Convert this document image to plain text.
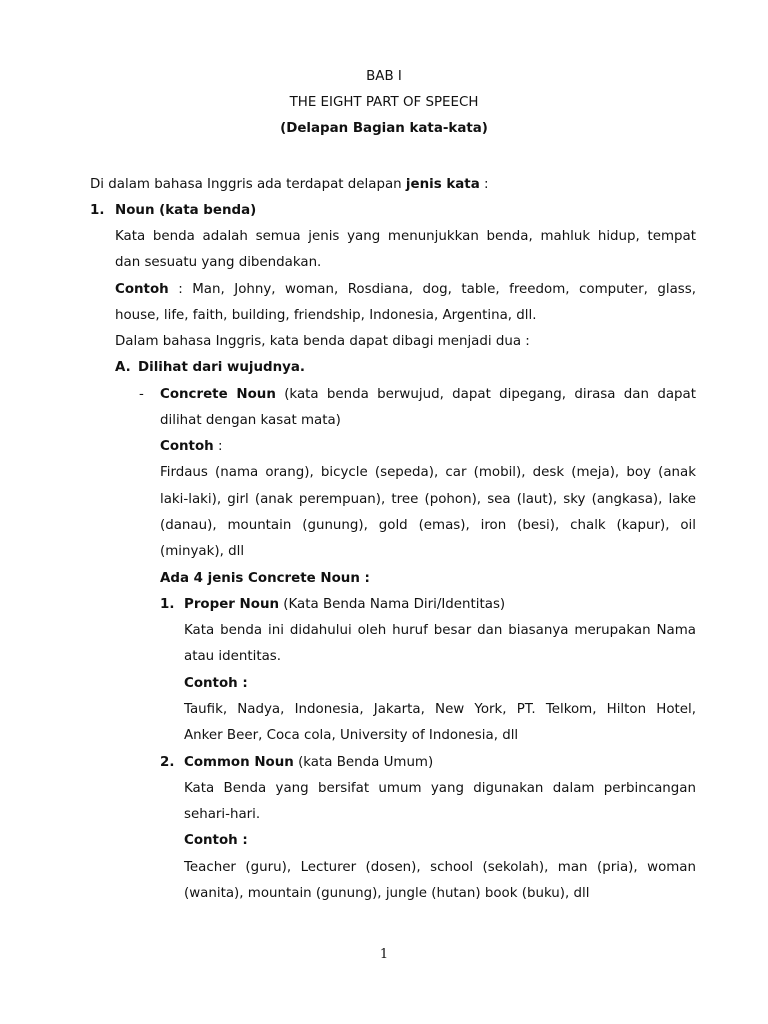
BAB I
THE EIGHT PART OF SPEECH
(Delapan Bagian kata-kata)
Di dalam bahasa Inggris ada terdapat delapan jenis kata :
1. Noun (kata benda)
Kata benda adalah semua jenis yang menunjukkan benda, mahluk hidup, tempat
dan sesuatu yang dibendakan.
Contoh : Man, Johny, woman, Rosdiana, dog, table, freedom, computer, glass,
house, life, faith, building, friendship, Indonesia, Argentina, dll.
Dalam bahasa Inggris, kata benda dapat dibagi menjadi dua :
A. Dilihat dari wujudnya.
- Concrete Noun (kata benda berwujud, dapat dipegang, dirasa dan dapat
dilihat dengan kasat mata)
Contoh :
Firdaus (nama orang), bicycle (sepeda), car (mobil), desk (meja), boy (anak
laki-laki), girl (anak perempuan), tree (pohon), sea (laut), sky (angkasa), lake
(danau), mountain (gunung), gold (emas), iron (besi), chalk (kapur), oil
(minyak), dll
Ada 4 jenis Concrete Noun :
1. Proper Noun (Kata Benda Nama Diri/Identitas)
Kata benda ini didahului oleh huruf besar dan biasanya merupakan Nama
atau identitas.
Contoh :
Taufik, Nadya, Indonesia, Jakarta, New York, PT. Telkom, Hilton Hotel,
Anker Beer, Coca cola, University of Indonesia, dll
2. Common Noun (kata Benda Umum)
Kata Benda yang bersifat umum yang digunakan dalam perbincangan
sehari-hari.
Contoh :
Teacher (guru), Lecturer (dosen), school (sekolah), man (pria), woman
(wanita), mountain (gunung), jungle (hutan) book (buku), dll
1
